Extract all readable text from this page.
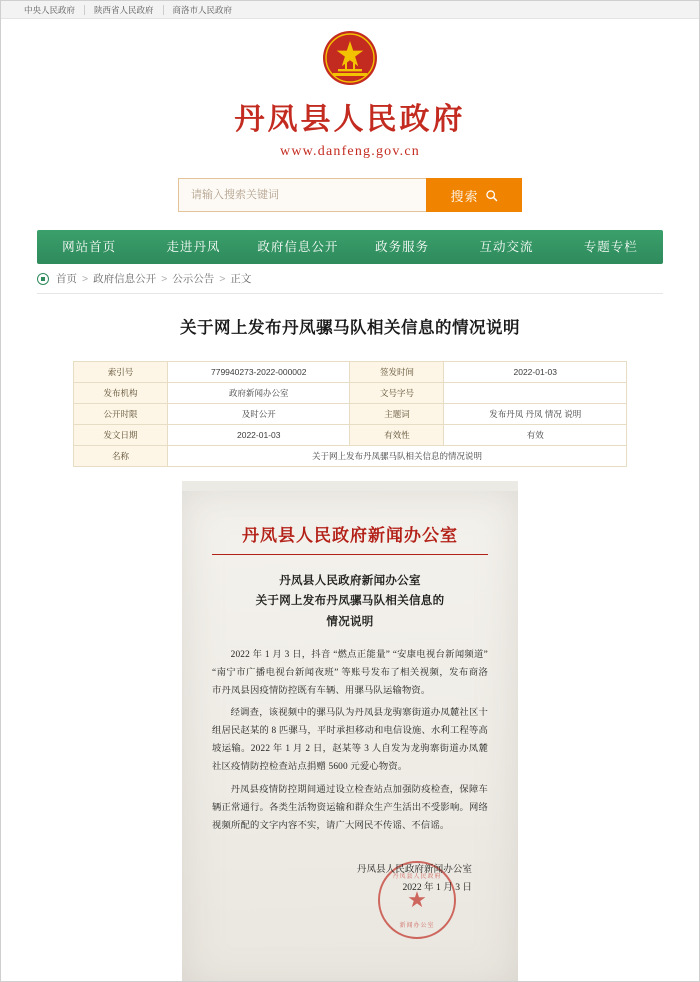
中央人民政府	陕西省人民政府	商洛市人民政府
丹凤县人民政府
www.danfeng.gov.cn
请输入搜索关键词
搜索
网站首页	走进丹凤	政府信息公开	政务服务	互动交流	专题专栏
首页 > 政府信息公开 > 公示公告 > 正文
关于网上发布丹凤骡马队相关信息的情况说明
索引号	779940273-2022-000002	签发时间	2022-01-03
发布机构	政府新闻办公室	文号字号	
公开时限	及时公开	主题词	发布丹凤 丹凤 情况 说明
发文日期	2022-01-03	有效性	有效
名称	关于网上发布丹凤骡马队相关信息的情况说明		
丹凤县人民政府新闻办公室
丹凤县人民政府新闻办公室
关于网上发布丹凤骡马队相关信息的
情况说明

2022 年 1 月 3 日，抖音 “燃点正能量” “安康电视台新闻频道” “南宁市广播电视台新闻夜班” 等账号发布了相关视频，发布商洛市丹凤县因疫情防控既有车辆、用骡马队运输物资。

经调查，该视频中的骡马队为丹凤县龙驹寨街道办凤麓社区十组居民赵某的 8 匹骡马，平时承担移动和电信设施、水利工程等高坡运输。2022 年 1 月 2 日，赵某等 3 人自发为龙驹寨街道办凤麓社区疫情防控检查站点捐赠 5600 元爱心物资。

丹凤县疫情防控期间通过设立检查站点加强防疫检查，保障车辆正常通行。各类生活物资运输和群众生产生活出不受影响。网络视频所配的文字内容不实，请广大网民不传谣、不信谣。

★ 丹凤县人民政府
新闻办公室
丹凤县人民政府新闻办公室
2022 年 1 月 3 日
